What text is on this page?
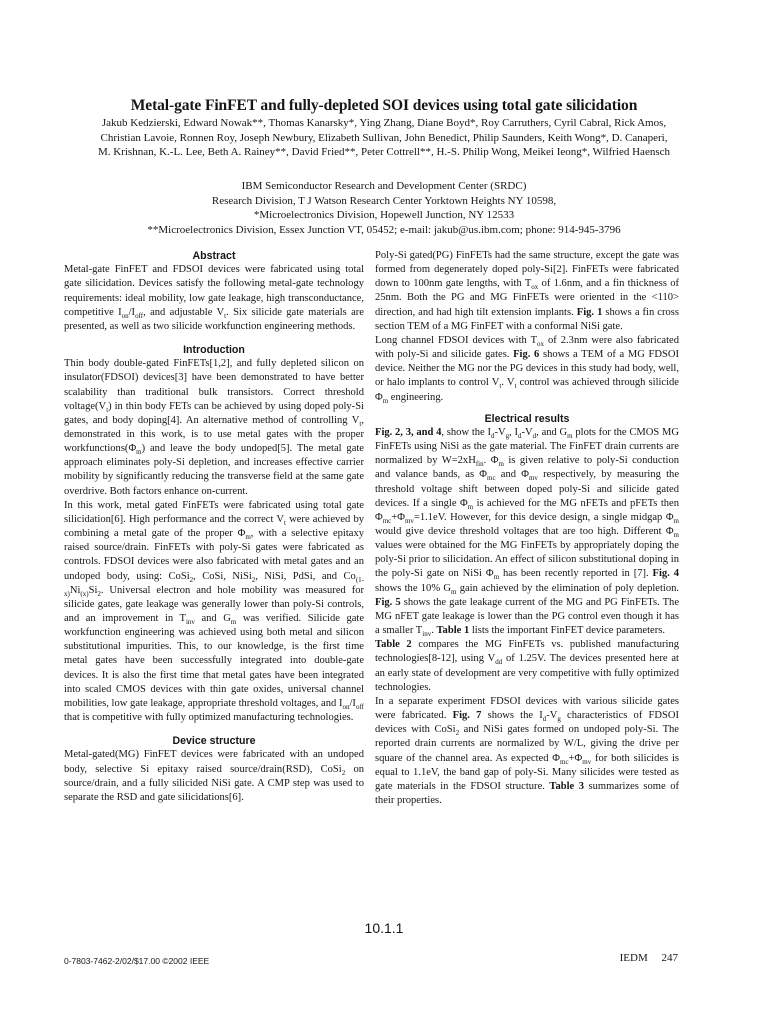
Metal-gate FinFET and fully-depleted SOI devices using total gate silicidation
Jakub Kedzierski, Edward Nowak**, Thomas Kanarsky*, Ying Zhang, Diane Boyd*, Roy Carruthers, Cyril Cabral, Rick Amos,
Christian Lavoie, Ronnen Roy, Joseph Newbury, Elizabeth Sullivan, John Benedict, Philip Saunders, Keith Wong*, D. Canaperi,
M. Krishnan, K.-L. Lee, Beth A. Rainey**, David Fried**, Peter Cottrell**, H.-S. Philip Wong, Meikei Ieong*, Wilfried Haensch
IBM Semiconductor Research and Development Center (SRDC)
Research Division, T J Watson Research Center Yorktown Heights NY 10598,
*Microelectronics Division, Hopewell Junction, NY 12533
**Microelectronics Division, Essex Junction VT, 05452; e-mail: jakub@us.ibm.com; phone: 914-945-3796
Abstract

Metal-gate FinFET and FDSOI devices were fabricated using total gate silicidation. Devices satisfy the following metal-gate technology requirements: ideal mobility, low gate leakage, high transconductance, competitive $I_{on}/I_{off}$, and adjustable $V_t$. Six silicide gate materials are presented, as well as two silicide workfunction engineering methods.

Introduction

Thin body double-gated FinFETs[1,2], and fully depleted silicon on insulator(FDSOI) devices[3] have been demonstrated to have better scalability than traditional bulk transistors. Correct threshold $voltage(V_t)$ in thin body FETs can be achieved by using doped poly-Si gates, and body doping[4]. An alternative method of controlling $V_t$, demonstrated in this work, is to use metal gates with the proper $workfunctions(\Phi_m)$ and leave the body undoped[5]. The metal gate approach eliminates poly-Si depletion, and increases effective carrier mobility by significantly reducing the transverse field at the same gate overdrive. Both factors enhance on-current.

In this work, metal gated FinFETs were fabricated using total gate silicidation[6]. High performance and the correct $V_t$ were achieved by combining a metal gate of the proper $\Phi_m$, with a selective epitaxy raised source/drain. FinFETs with poly-Si gates were fabricated as controls. FDSOI devices were also fabricated with metal gates and an undoped body, using: CoSi$_2$, CoSi, NiSi$_2$, NiSi, PdSi, and $Co_{(1-x)}Ni_{(x)}Si_2$. Universal electron and hole mobility was measured for silicide gates, gate leakage was generally lower than poly-Si controls, and an improvement in $T_{inv}$ and $G_m$ was verified. Silicide gate workfunction engineering was achieved using both metal and silicon substitutional impurities. This, to our knowledge, is the first time metal gates have been successfully integrated into double-gate devices. It is also the first time that metal gates have been integrated into scaled CMOS devices with thin gate oxides, universal channel mobilities, low gate leakage, appropriate threshold voltages, and $I_{on}/I_{off}$ that is competitive with fully optimized manufacturing technologies.

Device structure

Metal-gated(MG) FinFET devices were fabricated with an undoped body, selective Si epitaxy raised source/drain(RSD), CoSi$_2$ on source/drain, and a fully silicided NiSi gate. A CMP step was used to separate the RSD and gate silicidations[6].

Poly-Si gated(PG) FinFETs had the same structure, except the gate was formed from degenerately doped poly-Si[2]. FinFETs were fabricated down to 100nm gate lengths, with $T_{ox}$ of 1.6nm, and a fin thickness of 25nm. Both the PG and MG FinFETs were oriented in the <110> direction, and had high tilt extension implants. Fig. 1 shows a fin cross section TEM of a MG FinFET with a conformal NiSi gate.

Long channel FDSOI devices with $T_{ox}$ of 2.3nm were also fabricated with poly-Si and silicide gates. Fig. 6 shows a TEM of a MG FDSOI device. Neither the MG nor the PG devices in this study had body, well, or halo implants to control $V_t$. $V_t$ control was achieved through silicide $\Phi_m$ engineering.

Electrical results

Fig. 2, 3, and 4, show the $I_d-V_g$, $I_d-V_d$, and $G_m$ plots for the CMOS MG FinFETs using NiSi as the gate material. The FinFET drain currents are normalized by $W=2xH_{fin}$. $\Phi_m$ is given relative to poly-Si conduction and valance bands, as $\Phi_{mc}$ and $\Phi_{mv}$ respectively, by measuring the threshold voltage shift between doped poly-Si and silicide gated devices. If a single $\Phi_m$ is achieved for the MG nFETs and pFETs then $\Phi_{mc}+\Phi_{mv}=1.1eV$. However, for this device design, a single midgap $\Phi_m$ would give device threshold voltages that are too high. Different $\Phi_m$ values were obtained for the MG FinFETs by appropriately doping the poly-Si prior to silicidation. An effect of silicon substitutional doping in the poly-Si gate on NiSi $\Phi_m$ has been recently reported in [7]. Fig. 4 shows the 10% $G_m$ gain achieved by the elimination of poly depletion. Fig. 5 shows the gate leakage current of the MG and PG FinFETs. The MG nFET gate leakage is lower than the PG control even though it has a smaller $T_{inv}$. Table 1 lists the important FinFET device parameters.

Table 2 compares the MG FinFETs vs. published manufacturing technologies[8-12], using $V_{dd}$ of 1.25V. The devices presented here at an early state of development are very competitive with fully optimized technologies.

In a separate experiment FDSOI devices with various silicide gates were fabricated. Fig. 7 shows the $I_d-V_g$ characteristics of FDSOI devices with CoSi$_2$ and NiSi gates formed on undoped poly-Si. The reported drain currents are normalized by W/L, giving the drive per square of the channel area. As expected $\Phi_{mc}+\Phi_{mv}$ for both silicides is equal to 1.1eV, the band gap of poly-Si. Many silicides were tested as gate materials in the FDSOI structure. Table 3 summarizes some of their properties.

10.1.1
0-7803-7462-2/02/$17.00 ©2002 IEEE	IEDM     247
